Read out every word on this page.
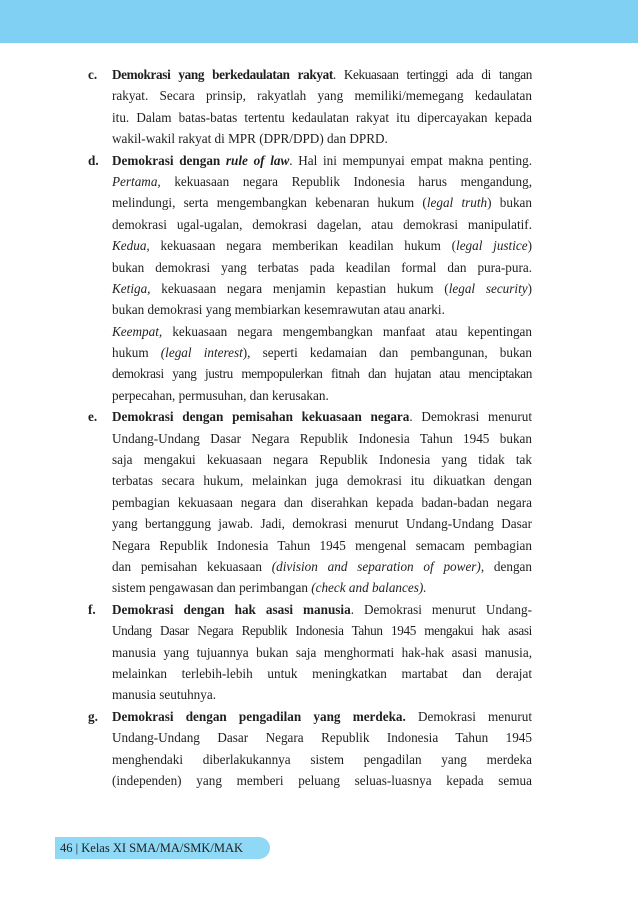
c.	Demokrasi yang berkedaulatan rakyat. Kekuasaan tertinggi ada di tangan
rakyat. Secara prinsip, rakyatlah yang memiliki/memegang kedaulatan
itu. Dalam batas-batas tertentu kedaulatan rakyat itu dipercayakan kepada
wakil-wakil rakyat di MPR (DPR/DPD) dan DPRD.
d.	Demokrasi dengan rule of law. Hal ini mempunyai empat makna penting.
Pertama, kekuasaan negara Republik Indonesia harus mengandung,
melindungi, serta mengembangkan kebenaran hukum (legal truth) bukan
demokrasi ugal-ugalan, demokrasi dagelan, atau demokrasi manipulatif.
Kedua, kekuasaan negara memberikan keadilan hukum (legal justice)
bukan demokrasi yang terbatas pada keadilan formal dan pura-pura.
Ketiga, kekuasaan negara menjamin kepastian hukum (legal security)
bukan demokrasi yang membiarkan kesemrawutan atau anarki.
Keempat, kekuasaan negara mengembangkan manfaat atau kepentingan
hukum (legal interest), seperti kedamaian dan pembangunan, bukan
demokrasi yang justru mempopulerkan fitnah dan hujatan atau menciptakan
perpecahan, permusuhan, dan kerusakan.
e.	Demokrasi dengan pemisahan kekuasaan negara. Demokrasi menurut
Undang-Undang Dasar Negara Republik Indonesia Tahun 1945 bukan
saja mengakui kekuasaan negara Republik Indonesia yang tidak tak
terbatas secara hukum, melainkan juga demokrasi itu dikuatkan dengan
pembagian kekuasaan negara dan diserahkan kepada badan-badan negara
yang bertanggung jawab. Jadi, demokrasi menurut Undang-Undang Dasar
Negara Republik Indonesia Tahun 1945 mengenal semacam pembagian
dan pemisahan kekuasaan (division and separation of power), dengan
sistem pengawasan dan perimbangan (check and balances).
f.	Demokrasi dengan hak asasi manusia. Demokrasi menurut Undang-
Undang Dasar Negara Republik Indonesia Tahun 1945 mengakui hak asasi
manusia yang tujuannya bukan saja menghormati hak-hak asasi manusia,
melainkan terlebih-lebih untuk meningkatkan martabat dan derajat
manusia seutuhnya.
g.	Demokrasi dengan pengadilan yang merdeka. Demokrasi menurut
Undang-Undang Dasar Negara Republik Indonesia Tahun 1945
menghendaki diberlakukannya sistem pengadilan yang merdeka
(independen) yang memberi peluang seluas-luasnya kepada semua
46 | Kelas XI SMA/MA/SMK/MAK
